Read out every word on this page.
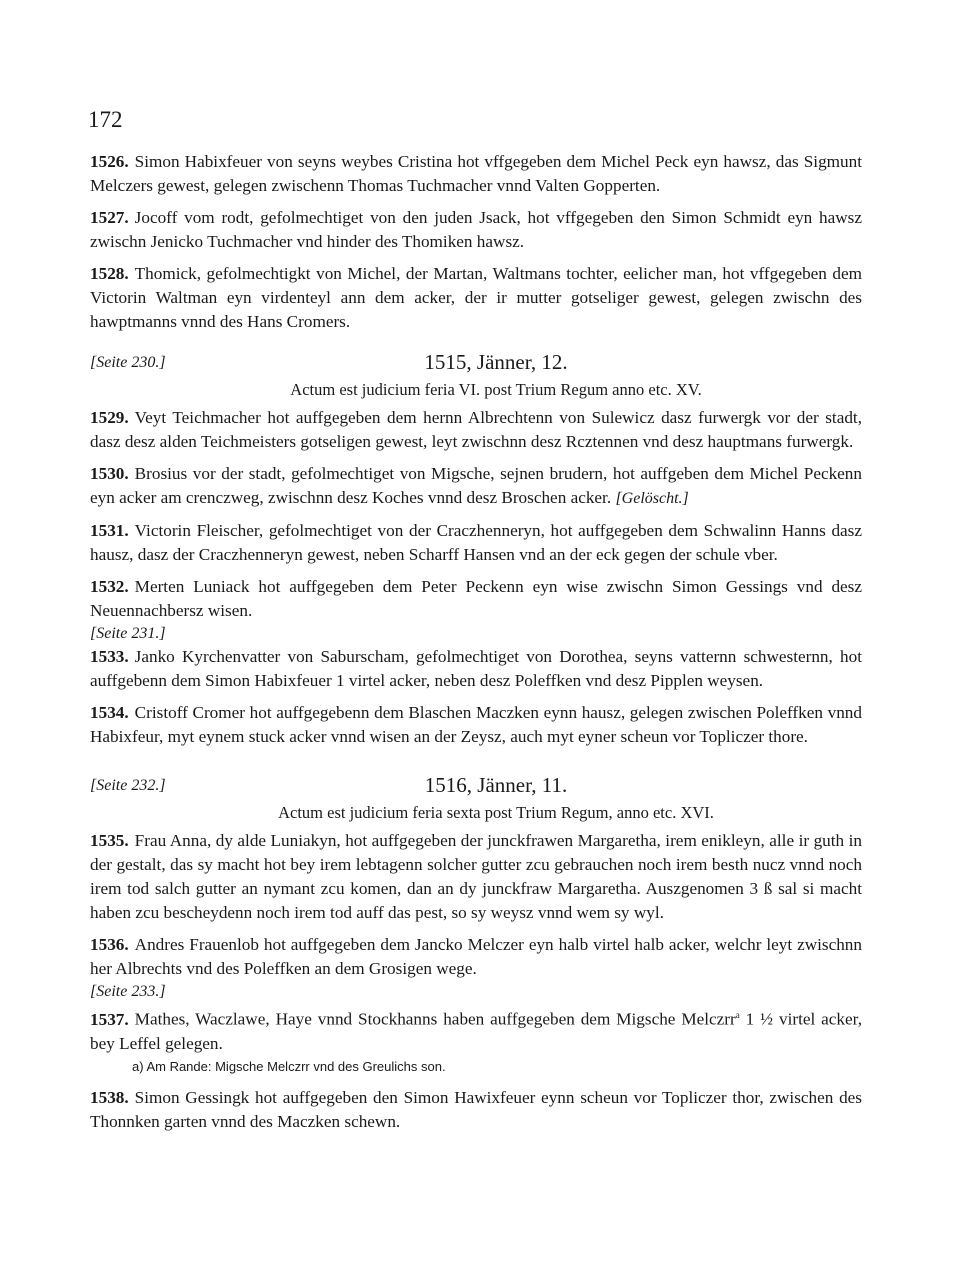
172

1526. Simon Habixfeuer von seyns weybes Cristina hot vffgegeben dem Michel Peck eyn hawsz, das Sigmunt Melczers gewest, gelegen zwischenn Thomas Tuchmacher vnnd Valten Gopperten.

1527. Jocoff vom rodt, gefolmechtiget von den juden Jsack, hot vffgegeben den Simon Schmidt eyn hawsz zwischn Jenicko Tuchmacher vnd hinder des Thomiken hawsz.

1528. Thomick, gefolmechtigkt von Michel, der Martan, Waltmans tochter, eelicher man, hot vffgegeben dem Victorin Waltman eyn virdenteyl ann dem acker, der ir mutter gotseliger gewest, gelegen zwischn des hawptmanns vnnd des Hans Cromers.

[Seite 230.]	1515, Jänner, 12.
Actum est judicium feria VI. post Trium Regum anno etc. XV.

1529. Veyt Teichmacher hot auffgegeben dem hernn Albrechtenn von Sulewicz dasz furwergk vor der stadt, dasz desz alden Teichmeisters gotseligen gewest, leyt zwischnn desz Rcztennen vnd desz hauptmans furwergk.

1530. Brosius vor der stadt, gefolmechtiget von Migsche, sejnen brudern, hot auffgeben dem Michel Peckenn eyn acker am crenczweg, zwischnn desz Koches vnnd desz Broschen acker. [Gelöscht.]

1531. Victorin Fleischer, gefolmechtiget von der Craczhenneryn, hot auffgegeben dem Schwalinn Hanns dasz hausz, dasz der Craczhenneryn gewest, neben Scharff Hansen vnd an der eck gegen der schule vber.

1532. Merten Luniack hot auffgegeben dem Peter Peckenn eyn wise zwischn Simon Gessings vnd desz Neuennachbersz wisen.

[Seite 231.]

1533. Janko Kyrchenvatter von Saburscham, gefolmechtiget von Dorothea, seyns vatternn schwesternn, hot auffgebenn dem Simon Habixfeuer 1 virtel acker, neben desz Poleffken vnd desz Pipplen weysen.

1534. Cristoff Cromer hot auffgegebenn dem Blaschen Maczken eynn hausz, gelegen zwischen Poleffken vnnd Habixfeur, myt eynem stuck acker vnnd wisen an der Zeysz, auch myt eyner scheun vor Topliczer thore.

[Seite 232.]	1516, Jänner, 11.
Actum est judicium feria sexta post Trium Regum, anno etc. XVI.

1535. Frau Anna, dy alde Luniakyn, hot auffgegeben der junckfrawen Margaretha, irem enikleyn, alle ir guth in der gestalt, das sy macht hot bey irem lebtagenn solcher gutter zcu gebrauchen noch irem besth nucz vnnd noch irem tod salch gutter an nymant zcu komen, dan an dy junckfraw Margaretha. Auszgenomen 3 ß sal si macht haben zcu bescheydenn noch irem tod auff das pest, so sy weysz vnnd wem sy wyl.

1536. Andres Frauenlob hot auffgegeben dem Jancko Melczer eyn halb virtel halb acker, welchr leyt zwischnn her Albrechts vnd des Poleffken an dem Grosigen wege.

[Seite 233.]

1537. Mathes, Waczlawe, Haye vnnd Stockhanns haben auffgegeben dem Migsche Melczrr$^a$ 1 ½ virtel acker, bey Leffel gelegen.

a) Am Rande: Migsche Melczrr vnd des Greulichs son.

1538. Simon Gessingk hot auffgegeben den Simon Hawixfeuer eynn scheun vor Topliczer thor, zwischen des Thonnken garten vnnd des Maczken schewn.
